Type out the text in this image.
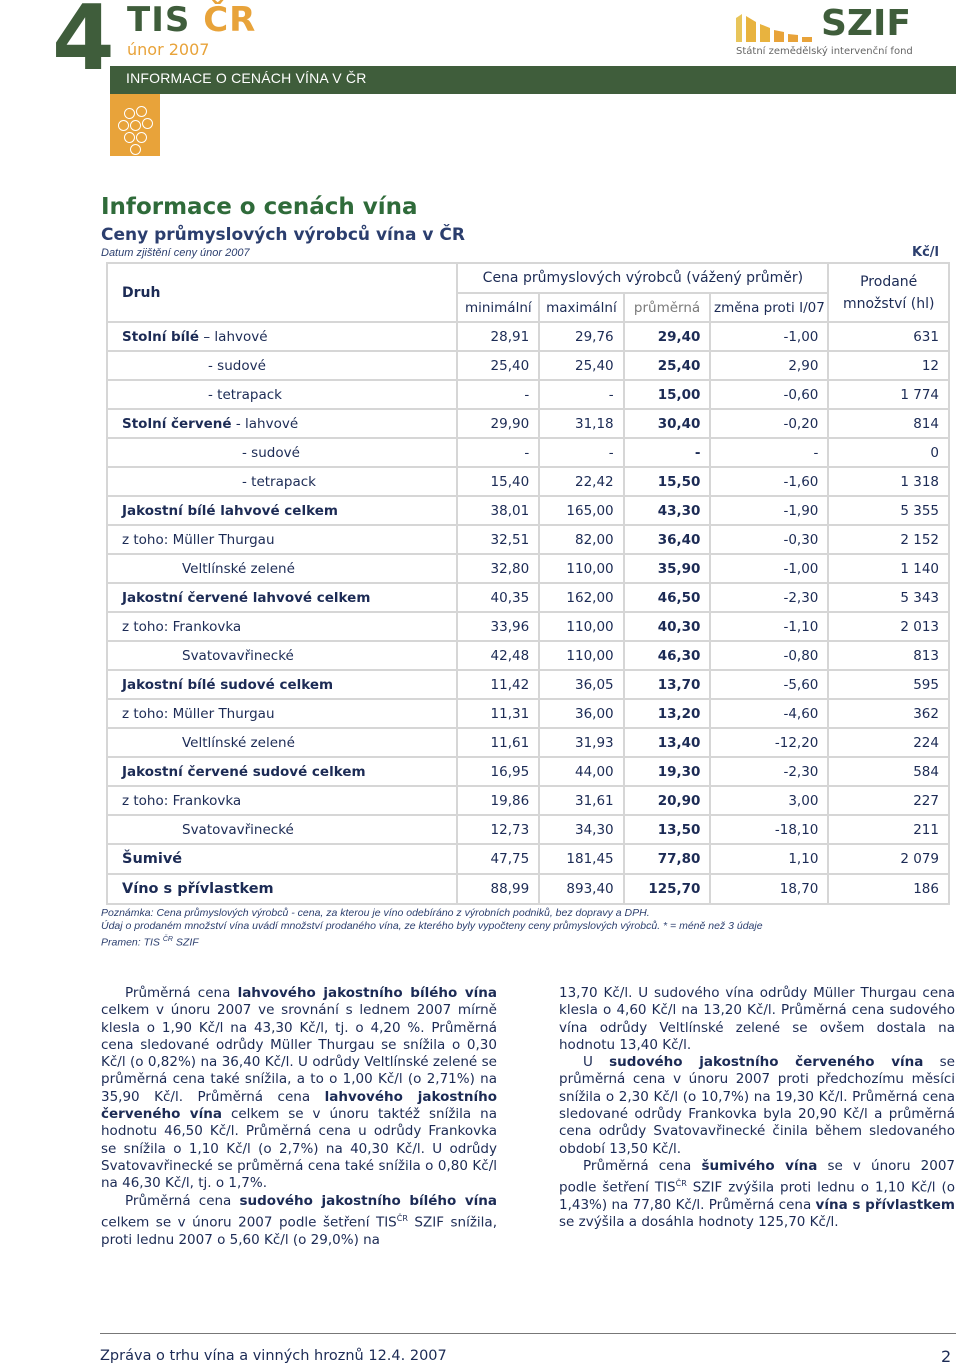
4 TIS ČR
únor 2007
INFORMACE O CENÁCH VÍNA V ČR
SZIF
Státní zemědělský intervenční fond
Informace o cenách vína
Ceny průmyslových výrobců vína v ČR
Datum zjištění ceny únor 2007	Kč/l
Druh	Cena průmyslových výrobců (vážený průměr)				Prodané
množství (hl)
	minimální	maximální	průměrná	změna proti I/07	
Stolní bílé – lahvové	28,91	29,76	29,40	-1,00	631
- sudové	25,40	25,40	25,40	2,90	12
- tetrapack	-	-	15,00	-0,60	1 774
Stolní červené - lahvové	29,90	31,18	30,40	-0,20	814
- sudové	-	-	-	-	0
- tetrapack	15,40	22,42	15,50	-1,60	1 318
Jakostní bílé lahvové celkem	38,01	165,00	43,30	-1,90	5 355
z toho: Müller Thurgau	32,51	82,00	36,40	-0,30	2 152
Veltlínské zelené	32,80	110,00	35,90	-1,00	1 140
Jakostní červené lahvové celkem	40,35	162,00	46,50	-2,30	5 343
z toho: Frankovka	33,96	110,00	40,30	-1,10	2 013
Svatovavřinecké	42,48	110,00	46,30	-0,80	813
Jakostní bílé sudové celkem	11,42	36,05	13,70	-5,60	595
z toho: Müller Thurgau	11,31	36,00	13,20	-4,60	362
Veltlínské zelené	11,61	31,93	13,40	-12,20	224
Jakostní červené sudové celkem	16,95	44,00	19,30	-2,30	584
z toho: Frankovka	19,86	31,61	20,90	3,00	227
Svatovavřinecké	12,73	34,30	13,50	-18,10	211
Šumivé	47,75	181,45	77,80	1,10	2 079
Víno s přívlastkem	88,99	893,40	125,70	18,70	186
Poznámka: Cena průmyslových výrobců - cena, za kterou je víno odebíráno z výrobních podniků, bez dopravy a DPH.
Údaj o prodaném množství vína uvádí množství prodaného vína, ze kterého byly vypočteny ceny průmyslových výrobců. * = méně než 3 údaje
Pramen: TIS $^{ČR}$ SZIF

Průměrná cena lahvového jakostního bílého vína celkem v únoru 2007 ve srovnání s lednem 2007 mírně klesla o 1,90 Kč/l na 43,30 Kč/l, tj. o 4,20 %. Průměrná cena sledované odrůdy Müller Thurgau se snížila o 0,30 Kč/l (o 0,82%) na 36,40 Kč/l. U odrůdy Veltlínské zelené se průměrná cena také snížila, a to o 1,00 Kč/l (o 2,71%) na 35,90 Kč/l. Průměrná cena lahvového jakostního červeného vína celkem se v únoru taktéž snížila na hodnotu 46,50 Kč/l. Průměrná cena u odrůdy Frankovka se snížila o 1,10 Kč/l (o 2,7%) na 40,30 Kč/l. U odrůdy Svatovavřinecké se průměrná cena také snížila o 0,80 Kč/l na 46,30 Kč/l, tj. o 1,7%.

Průměrná cena sudového jakostního bílého vína celkem se v únoru 2007 podle šetření $TIS^{ČR}$ SZIF snížila, proti lednu 2007 o 5,60 Kč/l (o 29,0%) na

13,70 Kč/l. U sudového vína odrůdy Müller Thurgau cena klesla o 4,60 Kč/l na 13,20 Kč/l. Průměrná cena sudového vína odrůdy Veltlínské zelené se ovšem dostala na hodnotu 13,40 Kč/l.

U sudového jakostního červeného vína se průměrná cena v únoru 2007 proti předchozímu měsíci snížila o 2,30 Kč/l (o 10,7%) na 19,30 Kč/l. Průměrná cena sledované odrůdy Frankovka byla 20,90 Kč/l a průměrná cena odrůdy Svatovavřinecké činila během sledovaného období 13,50 Kč/l.

Průměrná cena šumivého vína se v únoru 2007 podle šetření $TIS^{ČR}$ SZIF zvýšila proti lednu o 1,10 Kč/l (o 1,43%) na 77,80 Kč/l. Průměrná cena vína s přívlastkem se zvýšila a dosáhla hodnoty 125,70 Kč/l.

Zpráva o trhu vína a vinných hroznů 12.4. 2007	2
